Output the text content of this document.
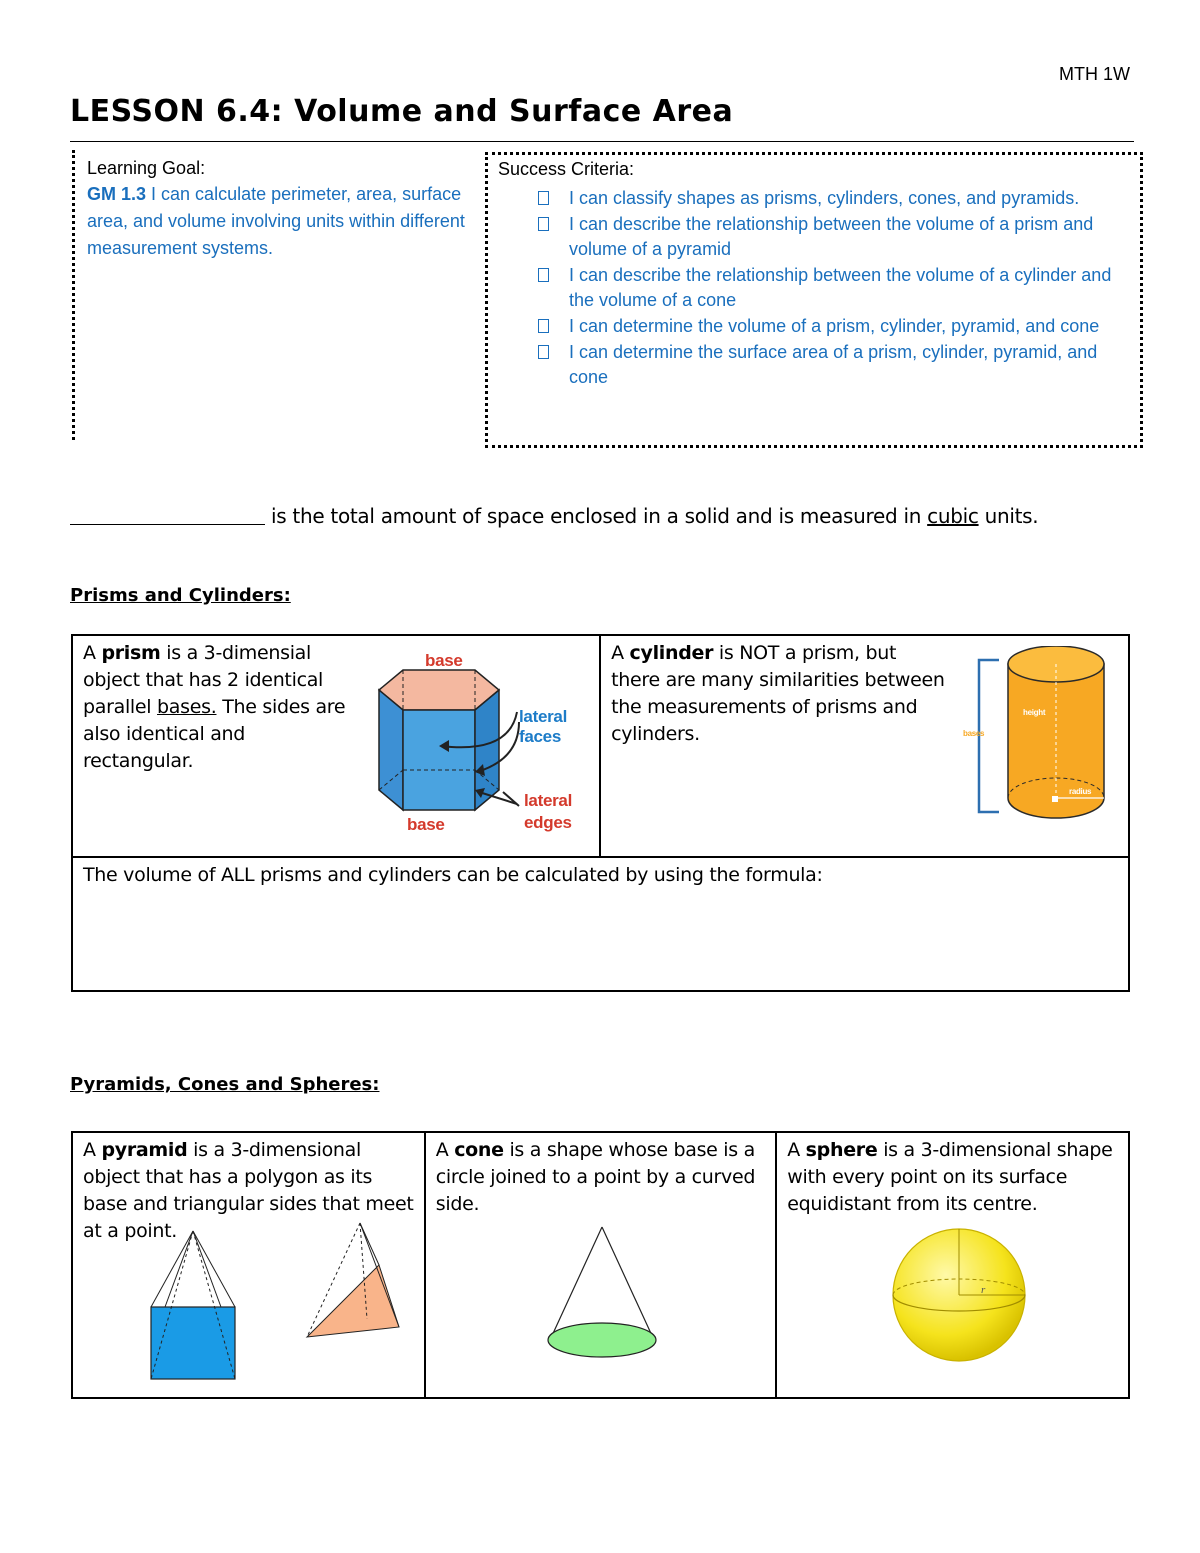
MTH 1W
LESSON 6.4: Volume and Surface Area
Learning Goal:
GM 1.3 I can calculate perimeter, area, surface area, and volume involving units within different measurement systems.
Success Criteria:
I can classify shapes as prisms, cylinders, cones, and pyramids.
I can describe the relationship between the volume of a prism and volume of a pyramid
I can describe the relationship between the volume of a cylinder and the volume of a cone
I can determine the volume of a prism, cylinder, pyramid, and cone
I can determine the surface area of a prism, cylinder, pyramid, and cone
is the total amount of space enclosed in a solid and is measured in cubic units.
Prisms and Cylinders:
A prism is a 3-dimensial object that has 2 identical parallel bases. The sides are also identical and rectangular.
base
base
lateral
faces
lateral
edges

A cylinder is NOT a prism, but there are many similarities between the measurements of prisms and cylinders.
height
bases
radius

The volume of ALL prisms and cylinders can be calculated by using the formula:
Pyramids, Cones and Spheres:
A pyramid is a 3-dimensional object that has a polygon as its base and triangular sides that meet at a point.

A cone is a shape whose base is a circle joined to a point by a curved side.

A sphere is a 3-dimensional shape with every point on its surface equidistant from its centre.
r
